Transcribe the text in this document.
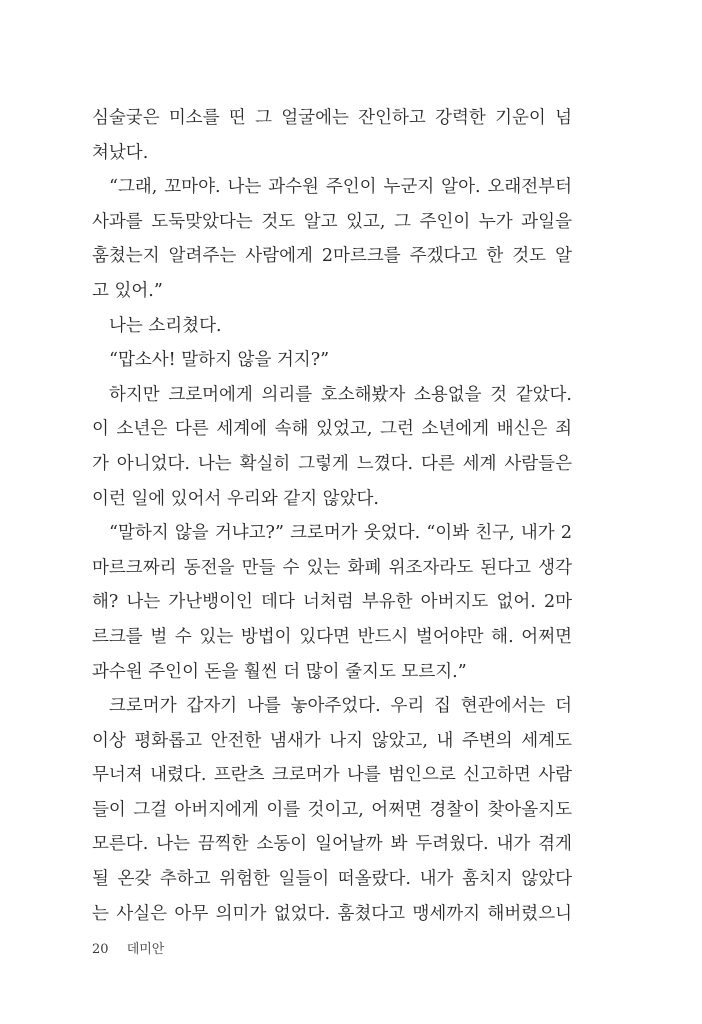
심술궂은 미소를 띤 그 얼굴에는 잔인하고 강력한 기운이 넘
쳐났다.
“그래, 꼬마야. 나는 과수원 주인이 누군지 알아. 오래전부터
사과를 도둑맞았다는 것도 알고 있고, 그 주인이 누가 과일을
훔쳤는지 알려주는 사람에게 2마르크를 주겠다고 한 것도 알
고 있어.”
나는 소리쳤다.
“맙소사! 말하지 않을 거지?”
하지만 크로머에게 의리를 호소해봤자 소용없을 것 같았다.
이 소년은 다른 세계에 속해 있었고, 그런 소년에게 배신은 죄
가 아니었다. 나는 확실히 그렇게 느꼈다. 다른 세계 사람들은
이런 일에 있어서 우리와 같지 않았다.
“말하지 않을 거냐고?” 크로머가 웃었다. “이봐 친구, 내가 2
마르크짜리 동전을 만들 수 있는 화폐 위조자라도 된다고 생각
해? 나는 가난뱅이인 데다 너처럼 부유한 아버지도 없어. 2마
르크를 벌 수 있는 방법이 있다면 반드시 벌어야만 해. 어쩌면
과수원 주인이 돈을 훨씬 더 많이 줄지도 모르지.”
크로머가 갑자기 나를 놓아주었다. 우리 집 현관에서는 더
이상 평화롭고 안전한 냄새가 나지 않았고, 내 주변의 세계도
무너져 내렸다. 프란츠 크로머가 나를 범인으로 신고하면 사람
들이 그걸 아버지에게 이를 것이고, 어쩌면 경찰이 찾아올지도
모른다. 나는 끔찍한 소동이 일어날까 봐 두려웠다. 내가 겪게
될 온갖 추하고 위험한 일들이 떠올랐다. 내가 훔치지 않았다
는 사실은 아무 의미가 없었다. 훔쳤다고 맹세까지 해버렸으니
20 데미안
